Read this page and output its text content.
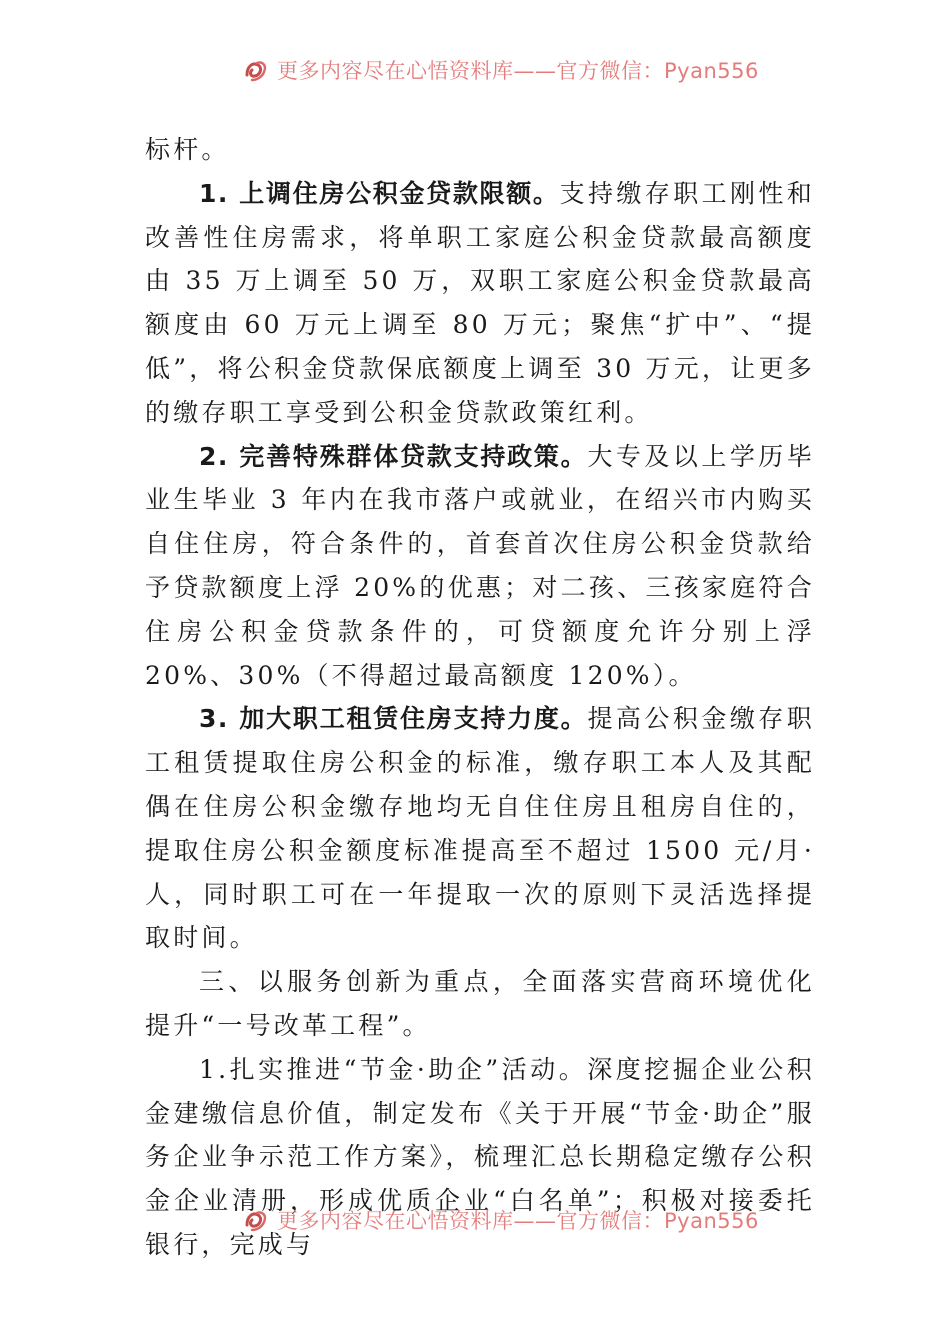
更多内容尽在心悟资料库——官方微信：Pyan556

标杆。

1. 上调住房公积金贷款限额。支持缴存职工刚性和改善性住房需求，将单职工家庭公积金贷款最高额度由 35 万上调至 50 万，双职工家庭公积金贷款最高额度由 60 万元上调至 80 万元；聚焦“扩中”、“提低”，将公积金贷款保底额度上调至 30 万元，让更多的缴存职工享受到公积金贷款政策红利。

2. 完善特殊群体贷款支持政策。大专及以上学历毕业生毕业 3 年内在我市落户或就业，在绍兴市内购买自住住房，符合条件的，首套首次住房公积金贷款给予贷款额度上浮 20%的优惠；对二孩、三孩家庭符合住房公积金贷款条件的，可贷额度允许分别上浮 20%、30%（不得超过最高额度 120%）。

3. 加大职工租赁住房支持力度。提高公积金缴存职工租赁提取住房公积金的标准，缴存职工本人及其配偶在住房公积金缴存地均无自住住房且租房自住的，提取住房公积金额度标准提高至不超过 1500 元/月·人，同时职工可在一年提取一次的原则下灵活选择提取时间。

三、以服务创新为重点，全面落实营商环境优化提升“一号改革工程”。

1.扎实推进“节金·助企”活动。深度挖掘企业公积金建缴信息价值，制定发布《关于开展“节金·助企”服务企业争示范工作方案》，梳理汇总长期稳定缴存公积金企业清册，形成优质企业“白名单”；积极对接委托银行，完成与

更多内容尽在心悟资料库——官方微信：Pyan556
